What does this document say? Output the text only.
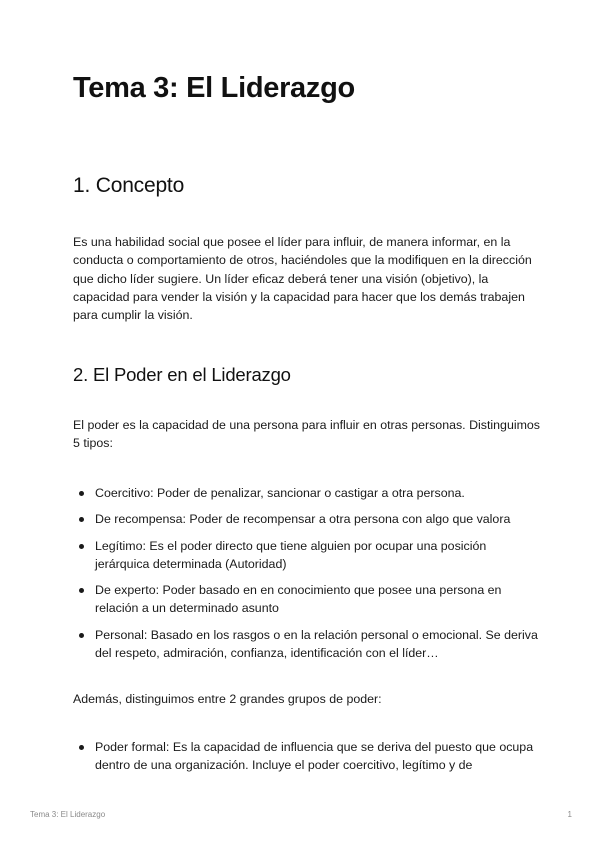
Tema 3: El Liderazgo
1. Concepto

Es una habilidad social que posee el líder para influir, de manera informar, en la conducta o comportamiento de otros, haciéndoles que la modifiquen en la dirección que dicho líder sugiere. Un líder eficaz deberá tener una visión (objetivo), la capacidad para vender la visión y la capacidad para hacer que los demás trabajen para cumplir la visión.

2. El Poder en el Liderazgo

El poder es la capacidad de una persona para influir en otras personas. Distinguimos 5 tipos:

Coercitivo: Poder de penalizar, sancionar o castigar a otra persona.
De recompensa: Poder de recompensar a otra persona con algo que valora
Legítimo: Es el poder directo que tiene alguien por ocupar una posición jerárquica determinada (Autoridad)
De experto: Poder basado en en conocimiento que posee una persona en relación a un determinado asunto
Personal: Basado en los rasgos o en la relación personal o emocional. Se deriva del respeto, admiración, confianza, identificación con el líder…

Además, distinguimos entre 2 grandes grupos de poder:

Poder formal: Es la capacidad de influencia que se deriva del puesto que ocupa dentro de una organización. Incluye el poder coercitivo, legítimo y de
Tema 3: El Liderazgo	1
